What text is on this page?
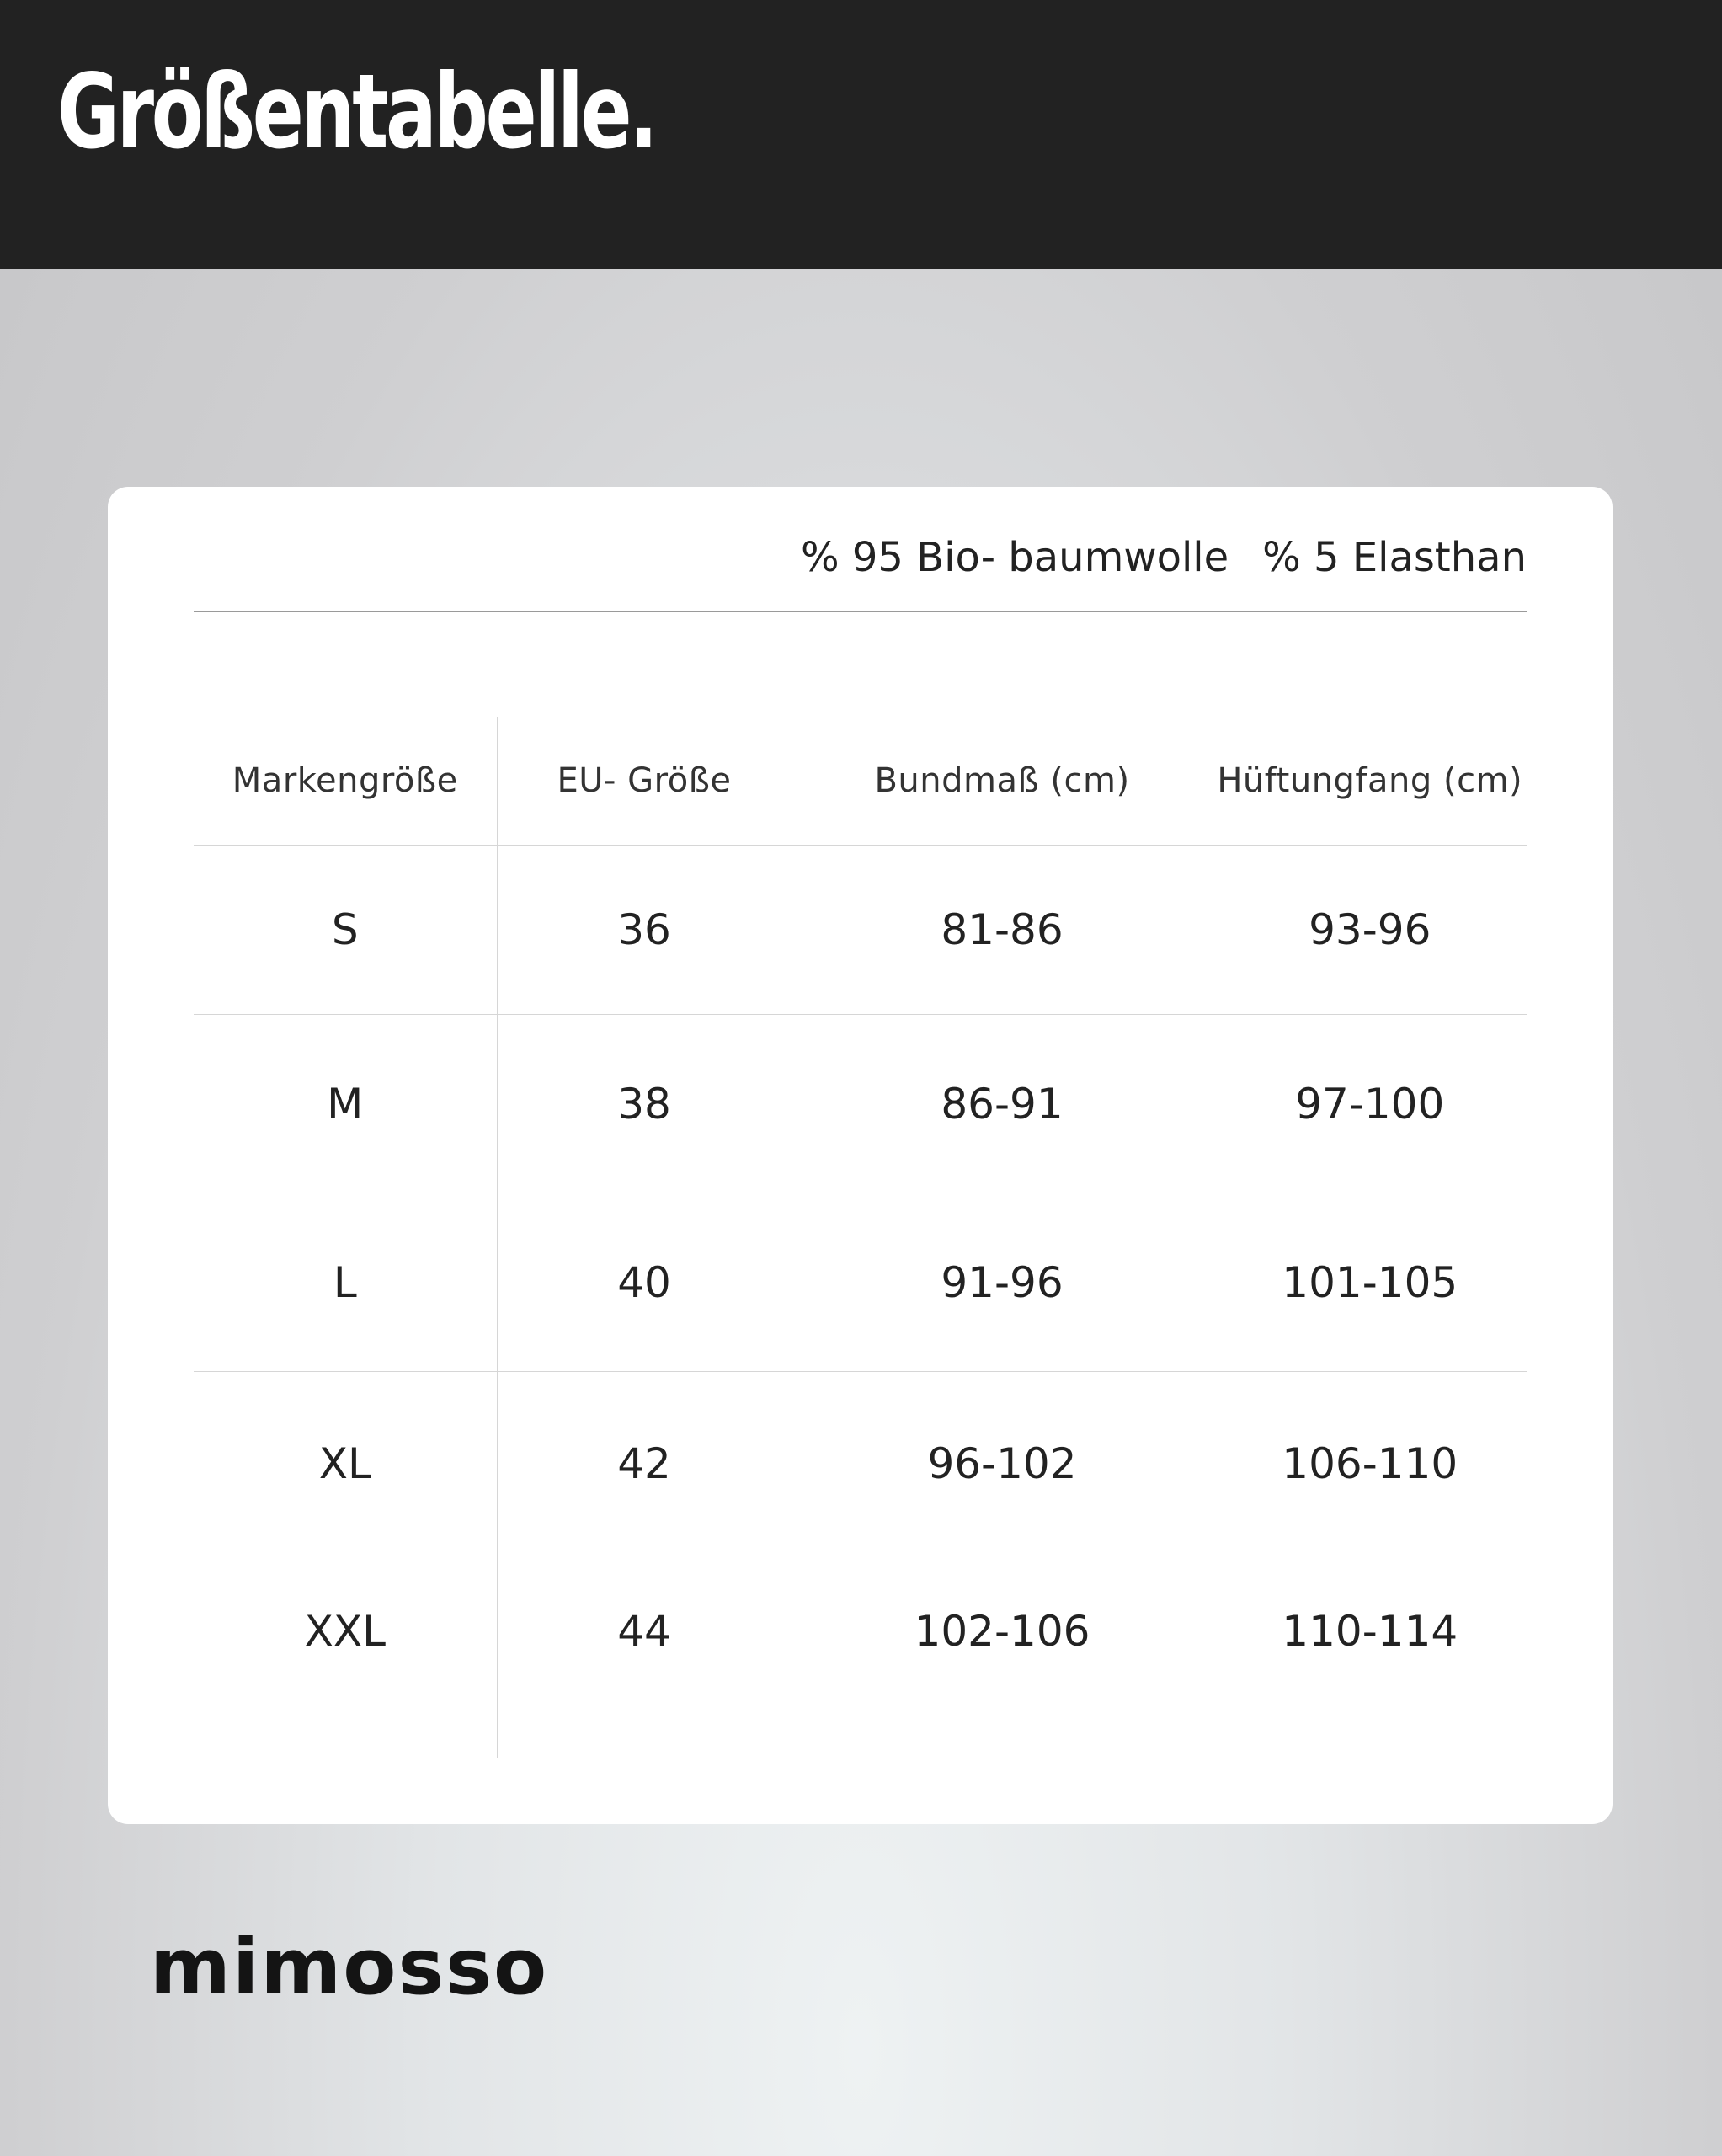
Größentabelle.
% 95 Bio- baumwolle % 5 Elasthan
Markengröße	EU- Größe	Bundmaß (cm)	Hüftungfang (cm)
S	36	81-86	93-96
M	38	86-91	97-100
L	40	91-96	101-105
XL	42	96-102	106-110
XXL	44	102-106	110-114
mimosso
